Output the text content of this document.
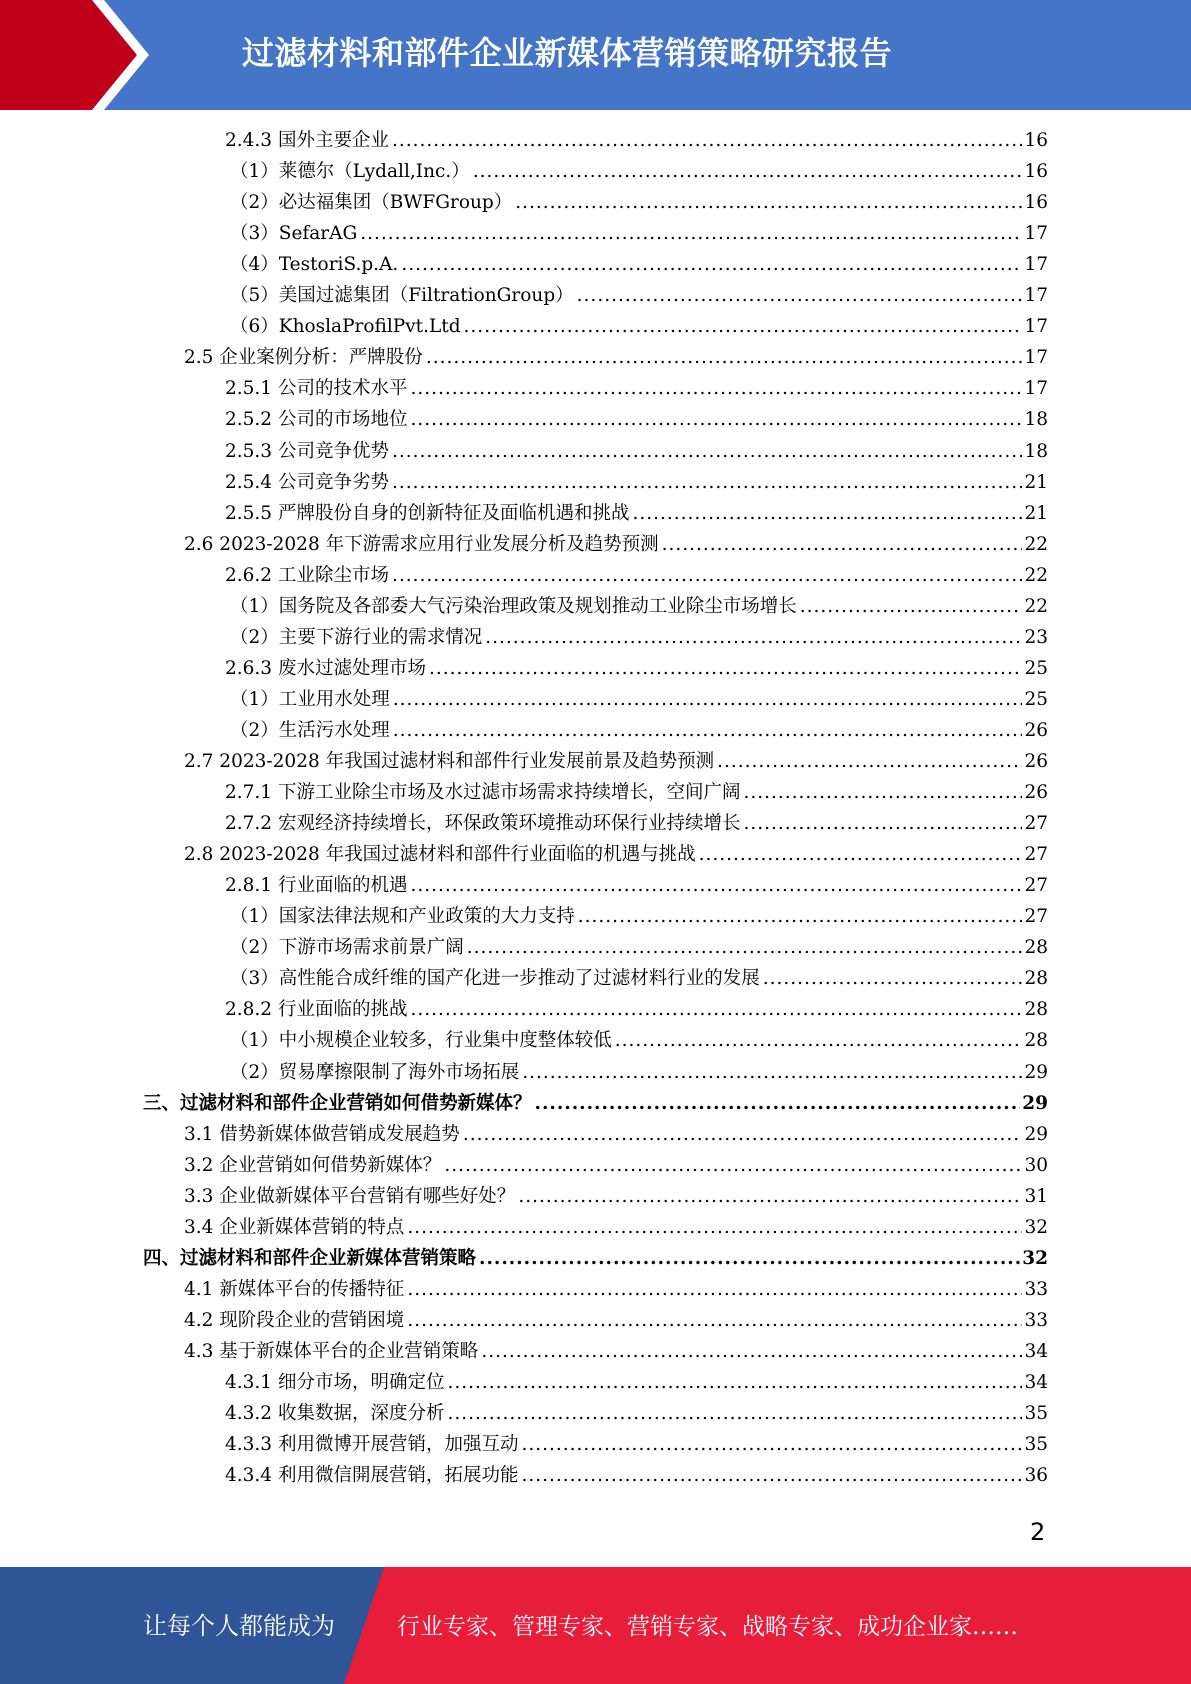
过滤材料和部件企业新媒体营销策略研究报告
2.4.3 国外主要企业 .....	16
（1）莱德尔（Lydall,Inc.） .....	16
（2）必达福集团（BWFGroup） .....	16
（3）SefarAG .....	17
（4）TestoriS.p.A. .....	17
（5）美国过滤集团（FiltrationGroup） .....	17
（6）KhoslaProfilPvt.Ltd .....	17
2.5 企业案例分析：严牌股份 .....	17
2.5.1 公司的技术水平 .....	17
2.5.2 公司的市场地位 .....	18
2.5.3 公司竞争优势 .....	18
2.5.4 公司竞争劣势 .....	21
2.5.5 严牌股份自身的创新特征及面临机遇和挑战 .....	21
2.6 2023-2028 年下游需求应用行业发展分析及趋势预测 .....	22
2.6.2 工业除尘市场 .....	22
（1）国务院及各部委大气污染治理政策及规划推动工业除尘市场增长 .....	22
（2）主要下游行业的需求情况 .....	23
2.6.3 废水过滤处理市场 .....	25
（1）工业用水处理 .....	25
（2）生活污水处理 .....	26
2.7 2023-2028 年我国过滤材料和部件行业发展前景及趋势预测 .....	26
2.7.1 下游工业除尘市场及水过滤市场需求持续增长，空间广阔 .....	26
2.7.2 宏观经济持续增长，环保政策环境推动环保行业持续增长 .....	27
2.8 2023-2028 年我国过滤材料和部件行业面临的机遇与挑战 .....	27
2.8.1 行业面临的机遇 .....	27
（1）国家法律法规和产业政策的大力支持 .....	27
（2）下游市场需求前景广阔 .....	28
（3）高性能合成纤维的国产化进一步推动了过滤材料行业的发展 .....	28
2.8.2 行业面临的挑战 .....	28
（1）中小规模企业较多，行业集中度整体较低 .....	28
（2）贸易摩擦限制了海外市场拓展 .....	29
三、过滤材料和部件企业营销如何借势新媒体？ .....	29
3.1 借势新媒体做营销成发展趋势 .....	29
3.2 企业营销如何借势新媒体？ .....	30
3.3 企业做新媒体平台营销有哪些好处？ .....	31
3.4 企业新媒体营销的特点 .....	32
四、过滤材料和部件企业新媒体营销策略 .....	32
4.1 新媒体平台的传播特征 .....	33
4.2 现阶段企业的营销困境 .....	33
4.3 基于新媒体平台的企业营销策略 .....	34
4.3.1 细分市场，明确定位 .....	34
4.3.2 收集数据，深度分析 .....	35
4.3.3 利用微博开展营销，加强互动 .....	35
4.3.4 利用微信開展营销，拓展功能 .....	36
2
让每个人都能成为	行业专家、管理专家、营销专家、战略专家、成功企业家……
